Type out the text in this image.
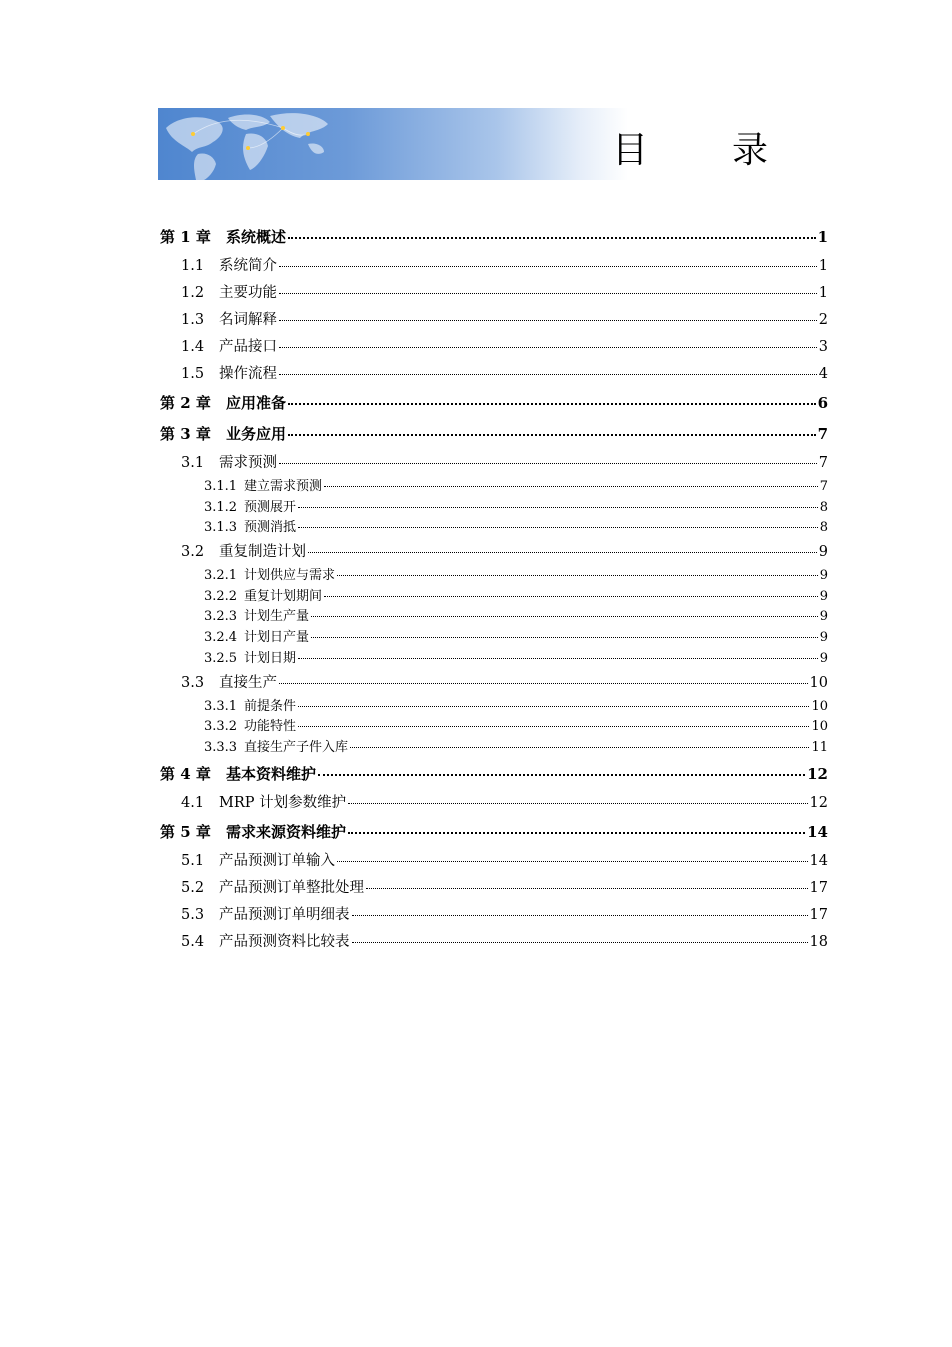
目　录
第 1 章	系统概述	1
1.1	系统简介	1
1.2	主要功能	1
1.3	名词解释	2
1.4	产品接口	3
1.5	操作流程	4
第 2 章	应用准备	6
第 3 章	业务应用	7
3.1	需求预测	7
3.1.1 建立需求预测	7
3.1.2 预测展开	8
3.1.3 预测消抵	8
3.2	重复制造计划	9
3.2.1 计划供应与需求	9
3.2.2 重复计划期间	9
3.2.3 计划生产量	9
3.2.4 计划日产量	9
3.2.5 计划日期	9
3.3	直接生产	10
3.3.1 前提条件	10
3.3.2 功能特性	10
3.3.3 直接生产子件入库	11
第 4 章	基本资料维护	12
4.1	MRP 计划参数维护	12
第 5 章	需求来源资料维护	14
5.1	产品预测订单输入	14
5.2	产品预测订单整批处理	17
5.3	产品预测订单明细表	17
5.4	产品预测资料比较表	18
